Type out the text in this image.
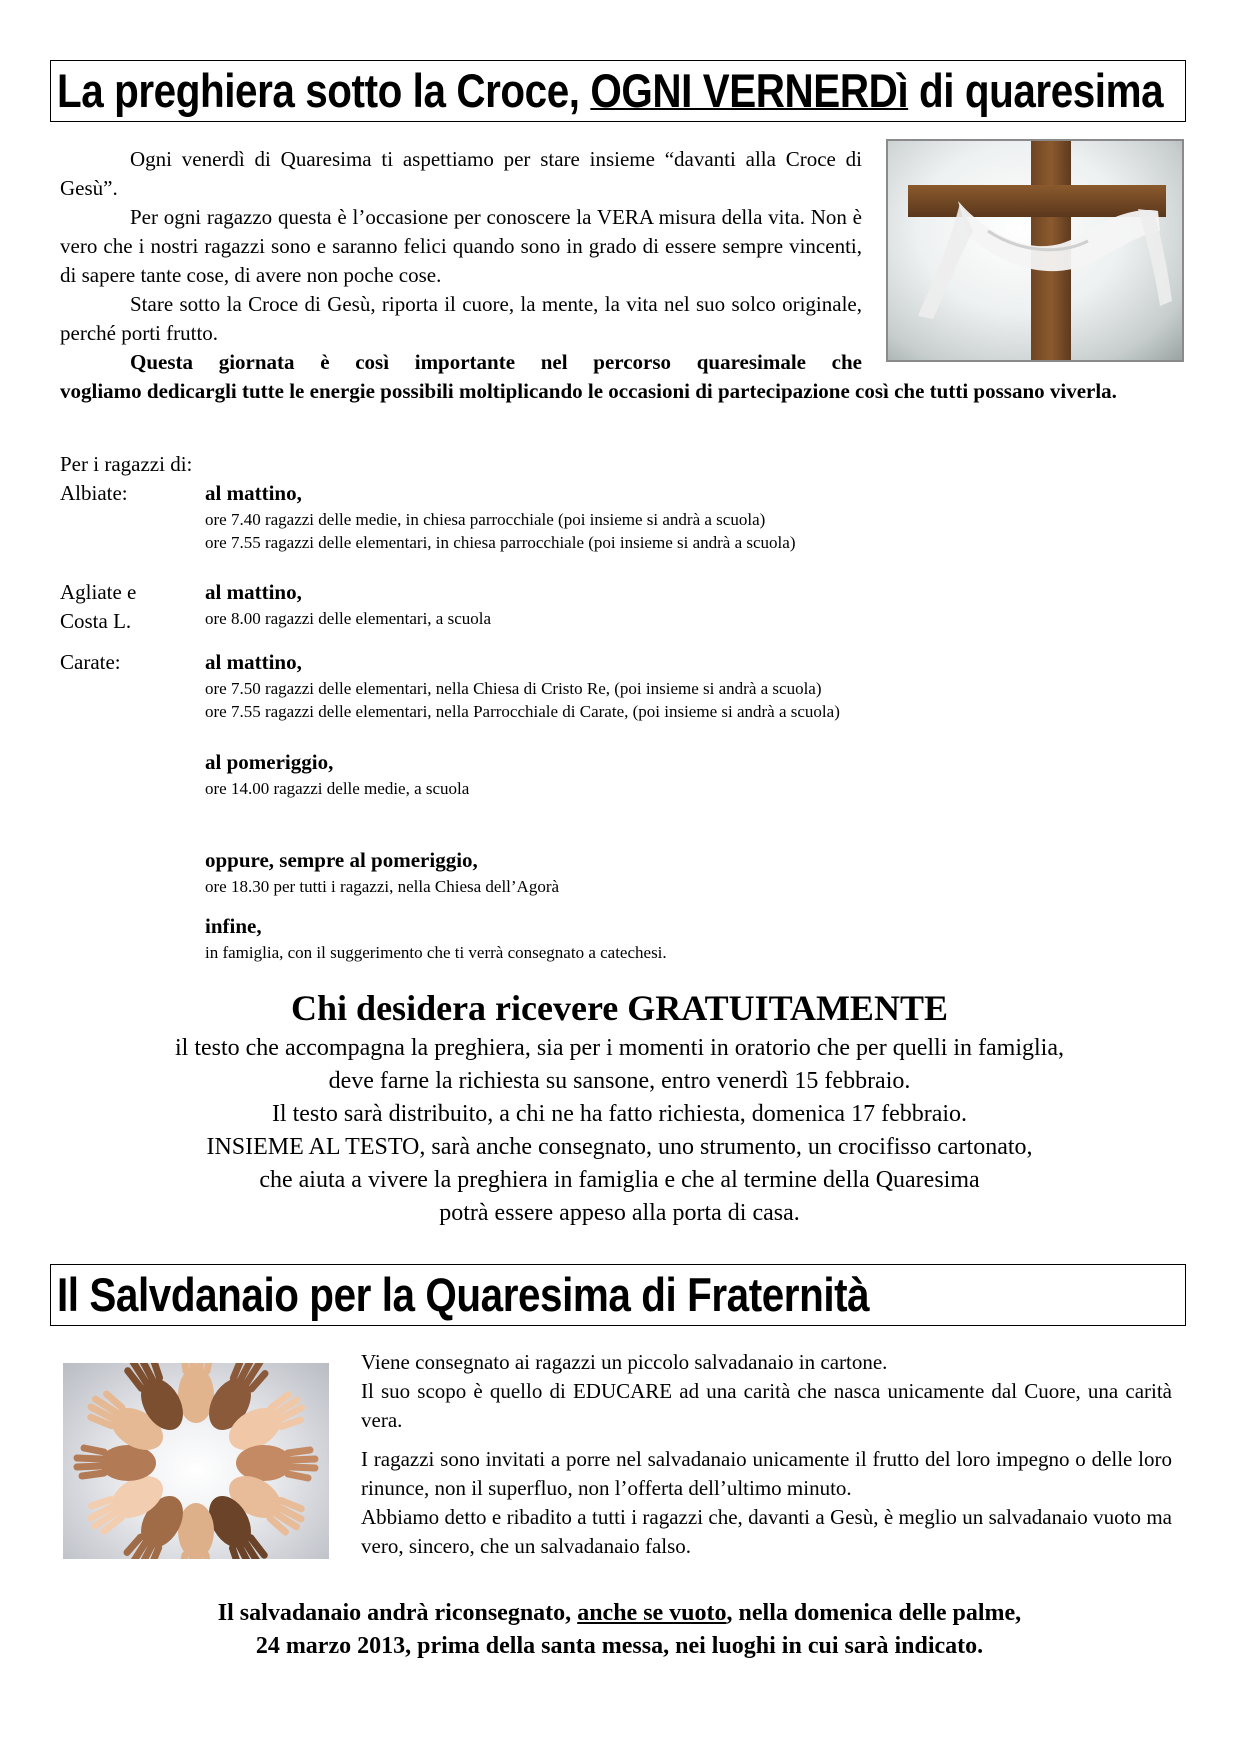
La preghiera sotto la Croce, OGNI VERNERDì di quaresima
Ogni venerdì di Quaresima ti aspettiamo per stare insieme “davanti alla Croce di Gesù”.
Per ogni ragazzo questa è l’occasione per conoscere la VERA misura della vita. Non è vero che i nostri ragazzi sono e saranno felici quando sono in grado di essere sempre vincenti, di sapere tante cose, di avere non poche cose.
Stare sotto la Croce di Gesù, riporta il cuore, la mente, la vita nel suo solco originale, perché porti frutto.
Questa giornata è così importante nel percorso quaresimale che
vogliamo dedicargli tutte le energie possibili moltiplicando le occasioni di partecipazione così che tutti possano viverla.
Per i ragazzi di:
Albiate:	al mattino,
ore 7.40 ragazzi delle medie, in chiesa parrocchiale (poi insieme si andrà a scuola)
ore 7.55 ragazzi delle elementari, in chiesa parrocchiale (poi insieme si andrà a scuola)
Agliate e
Costa L.
al mattino,
ore 8.00 ragazzi delle elementari, a scuola
Carate:	al mattino,
ore 7.50 ragazzi delle elementari, nella Chiesa di Cristo Re, (poi insieme si andrà a scuola)
ore 7.55 ragazzi delle elementari, nella Parrocchiale di Carate, (poi insieme si andrà a scuola)
al pomeriggio,
ore 14.00 ragazzi delle medie, a scuola
oppure, sempre al pomeriggio,
ore 18.30 per tutti i ragazzi, nella Chiesa dell’Agorà
infine,
in famiglia, con il suggerimento che ti verrà consegnato a catechesi.
Chi desidera ricevere GRATUITAMENTE
il testo che accompagna la preghiera, sia per i momenti in oratorio che per quelli in famiglia,
deve farne la richiesta su sansone, entro venerdì 15 febbraio.
Il testo sarà distribuito, a chi ne ha fatto richiesta, domenica 17 febbraio.
INSIEME AL TESTO, sarà anche consegnato, uno strumento, un crocifisso cartonato,
che aiuta a vivere la preghiera in famiglia e che al termine della Quaresima
potrà essere appeso alla porta di casa.
Il Salvdanaio per la Quaresima di Fraternità
Viene consegnato ai ragazzi un piccolo salvadanaio in cartone.
Il suo scopo è quello di EDUCARE ad una carità che nasca unicamente dal Cuore, una carità vera.
I ragazzi sono invitati a porre nel salvadanaio unicamente il frutto del loro impegno o delle loro rinunce, non il superfluo, non l’offerta dell’ultimo minuto.
Abbiamo detto e ribadito a tutti i ragazzi che, davanti a Gesù, è meglio un salvadanaio vuoto ma vero, sincero, che un salvadanaio falso.
Il salvadanaio andrà riconsegnato, anche se vuoto, nella domenica delle palme,
24 marzo 2013, prima della santa messa, nei luoghi in cui sarà indicato.
